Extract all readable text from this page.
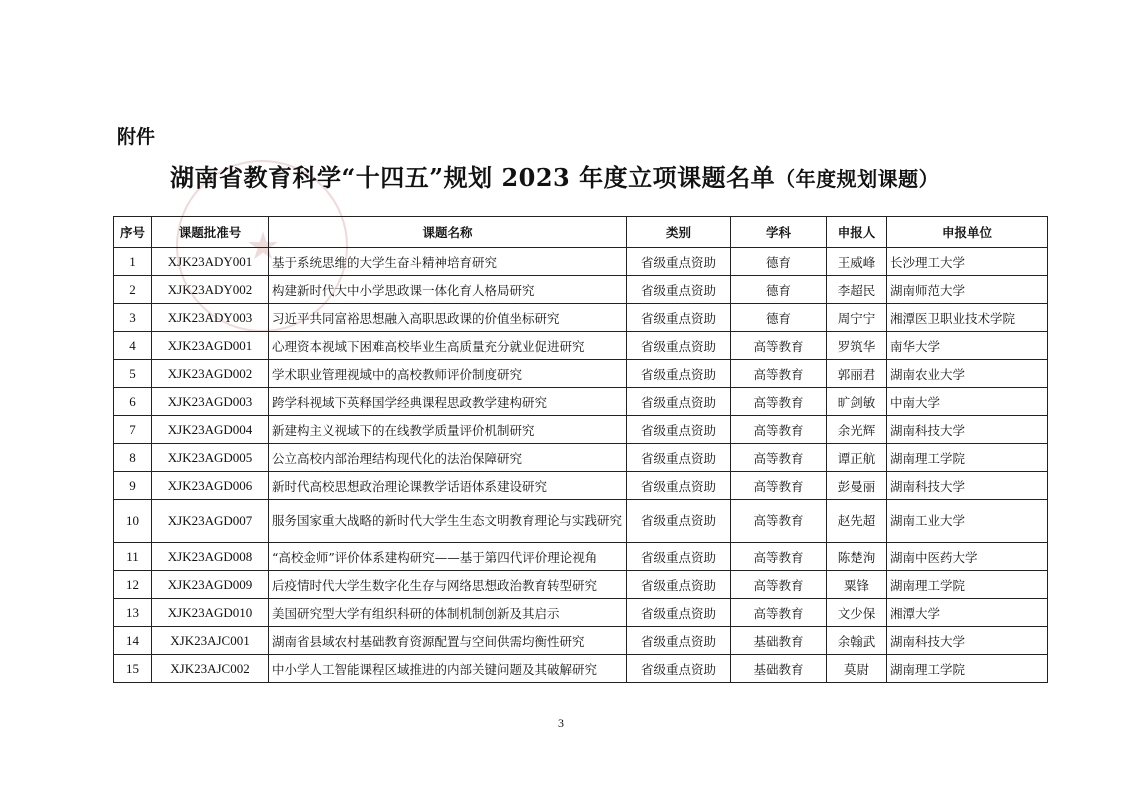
★
附件
湖南省教育科学“十四五”规划 2023 年度立项课题名单（年度规划课题）
序号	课题批准号	课题名称	类别	学科	申报人	申报单位
1	XJK23ADY001	基于系统思维的大学生奋斗精神培育研究	省级重点资助	德育	王威峰	长沙理工大学
2	XJK23ADY002	构建新时代大中小学思政课一体化育人格局研究	省级重点资助	德育	李超民	湖南师范大学
3	XJK23ADY003	习近平共同富裕思想融入高职思政课的价值坐标研究	省级重点资助	德育	周宁宁	湘潭医卫职业技术学院
4	XJK23AGD001	心理资本视域下困难高校毕业生高质量充分就业促进研究	省级重点资助	高等教育	罗筑华	南华大学
5	XJK23AGD002	学术职业管理视域中的高校教师评价制度研究	省级重点资助	高等教育	郭丽君	湖南农业大学
6	XJK23AGD003	跨学科视域下英释国学经典课程思政教学建构研究	省级重点资助	高等教育	旷剑敏	中南大学
7	XJK23AGD004	新建构主义视域下的在线教学质量评价机制研究	省级重点资助	高等教育	余光辉	湖南科技大学
8	XJK23AGD005	公立高校内部治理结构现代化的法治保障研究	省级重点资助	高等教育	谭正航	湖南理工学院
9	XJK23AGD006	新时代高校思想政治理论课教学话语体系建设研究	省级重点资助	高等教育	彭曼丽	湖南科技大学
10	XJK23AGD007	服务国家重大战略的新时代大学生生态文明教育理论与实践研究	省级重点资助	高等教育	赵先超	湖南工业大学
11	XJK23AGD008	“高校金师”评价体系建构研究——基于第四代评价理论视角	省级重点资助	高等教育	陈楚洵	湖南中医药大学
12	XJK23AGD009	后疫情时代大学生数字化生存与网络思想政治教育转型研究	省级重点资助	高等教育	粟锋	湖南理工学院
13	XJK23AGD010	美国研究型大学有组织科研的体制机制创新及其启示	省级重点资助	高等教育	文少保	湘潭大学
14	XJK23AJC001	湖南省县域农村基础教育资源配置与空间供需均衡性研究	省级重点资助	基础教育	余翰武	湖南科技大学
15	XJK23AJC002	中小学人工智能课程区域推进的内部关键问题及其破解研究	省级重点资助	基础教育	莫尉	湖南理工学院
3
